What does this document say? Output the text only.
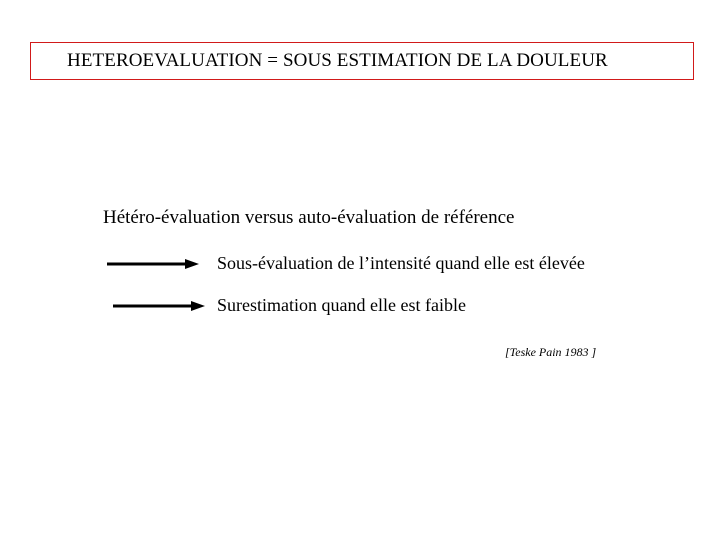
HETEROEVALUATION = SOUS ESTIMATION DE LA DOULEUR
Hétéro-évaluation versus auto-évaluation de référence
Sous-évaluation de l’intensité quand elle est élevée
Surestimation quand elle est faible
[Teske Pain 1983 ]
